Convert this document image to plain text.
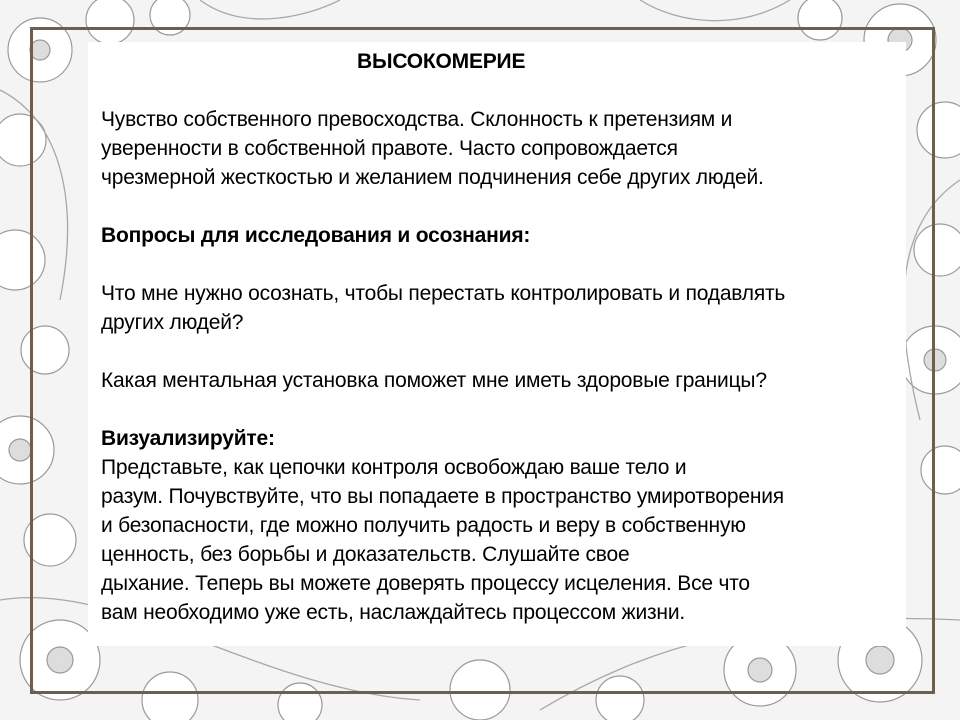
ВЫСОКОМЕРИЕ

Чувство собственного превосходства. Склонность к претензиям и

уверенности в собственной правоте. Часто сопровождается

чрезмерной жесткостью и желанием подчинения себе других людей.

Вопросы для исследования и осознания:

Что мне нужно осознать, чтобы перестать контролировать и подавлять

других людей?

Какая ментальная установка поможет мне иметь здоровые границы?

Визуализируйте:

Представьте, как цепочки контроля освобождаю ваше тело и

разум. Почувствуйте, что вы попадаете в пространство умиротворения

и безопасности, где можно получить радость и веру в собственную

ценность, без борьбы и доказательств. Слушайте свое

дыхание. Теперь вы можете доверять процессу исцеления. Все что

вам необходимо уже есть, наслаждайтесь процессом жизни.
